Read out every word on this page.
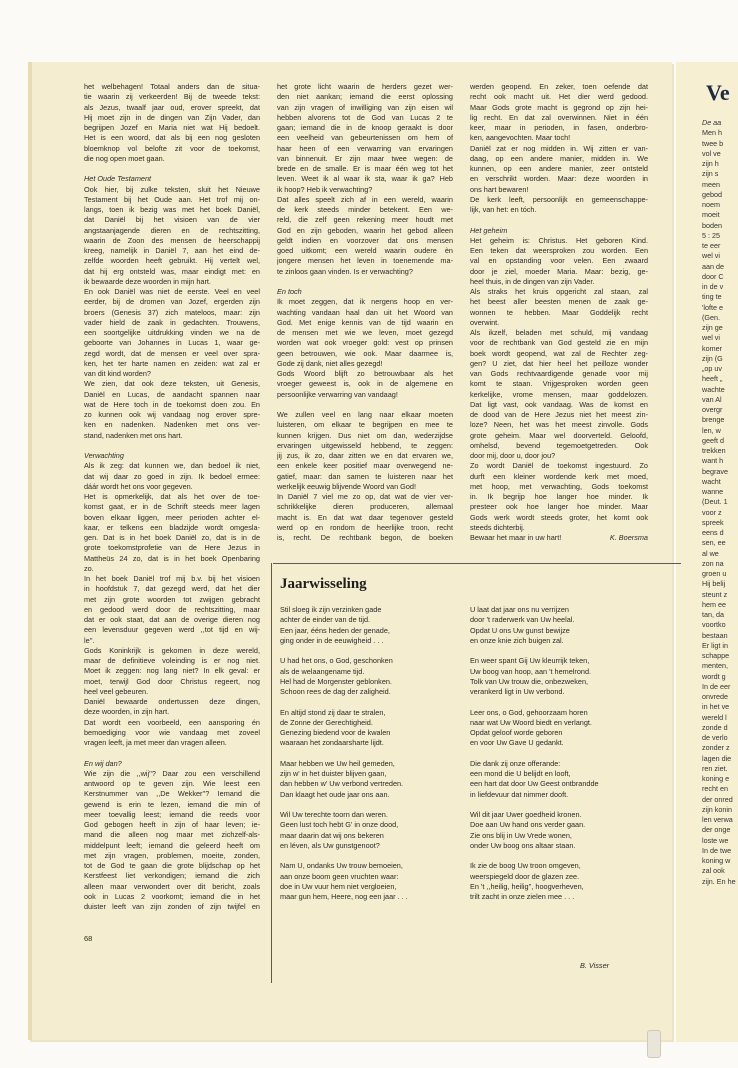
Ve
De aa
Men h
twee b
vol ve
zijn h
zijn s
meen
gebod
noem
moeit
boden
5 : 25
te eer
wel vi
aan de
door C
in de v
ting te
'lofte e
(Gen.
zijn ge
wel vi
komer
zijn (G
„op uv
heeft „
wachte
van Al
overgr
brenge
len, w
geeft d
trekken
want h
begrave
wacht
wanne
(Deut. 1
voor z
spreek
eens d
sen, ee
al we
zon na
groen u
Hij belij
steunt z
hem ee
tan, da
voortko
bestaan
Er ligt in
schappe
menten,
wordt g
In de eer
onvrede
in het ve
wereld l
zonde d
de verlo
zonder z
lagen die
ren ziet.
koning e
recht en
der onred
zijn konin
len verwa
der onge
loste we
In de twe
koning w
zal ook
zijn. En he
het welbehagen! Totaal anders dan de situa-
tie waarin zij verkeerden! Bij de tweede tekst:
als Jezus, twaalf jaar oud, erover spreekt, dat
Hij moet zijn in de dingen van Zijn Vader, dan
begrijpen Jozef en Maria niet wat Hij bedoelt.
Het is een woord, dat als bij een nog gesloten
bloemknop vol belofte zit voor de toekomst,
die nog open moet gaan.
Het Oude Testament
Ook hier, bij zulke teksten, sluit het Nieuwe
Testament bij het Oude aan. Het trof mij on-
langs, toen ik bezig was met het boek Daniël,
dat Daniël bij het visioen van de vier
angstaanjagende dieren en de rechtszitting,
waarin de Zoon des mensen de heerschappij
kreeg, namelijk in Daniël 7, aan het eind de-
zelfde woorden heeft gebruikt. Hij vertelt wel,
dat hij erg ontsteld was, maar eindigt met: en
ik bewaarde deze woorden in mijn hart.
En ook Daniël was niet de eerste. Veel en veel
eerder, bij de dromen van Jozef, ergerden zijn
broers (Genesis 37) zich mateloos, maar: zijn
vader hield de zaak in gedachten. Trouwens,
een soortgelijke uitdrukking vinden we na de
geboorte van Johannes in Lucas 1, waar ge-
zegd wordt, dat de mensen er veel over spra-
ken, het ter harte namen en zeiden: wat zal er
van dit kind worden?
We zien, dat ook deze teksten, uit Genesis,
Daniël en Lucas, de aandacht spannen naar
wat de Here toch in de toekomst doen zou. En
zo kunnen ook wij vandaag nog erover spre-
ken en nadenken. Nadenken met ons ver-
stand, nadenken met ons hart.
Verwachting
Als ik zeg: dat kunnen we, dan bedoel ik niet,
dat wij daar zo goed in zijn. Ik bedoel ermee:
dáár wordt het ons voor gegeven.
Het is opmerkelijk, dat als het over de toe-
komst gaat, er in de Schrift steeds meer lagen
boven elkaar liggen, meer perioden achter el-
kaar, er telkens een bladzijde wordt omgesla-
gen. Dat is in het boek Daniël zo, dat is in de
grote toekomstprofetie van de Here Jezus in
Mattheüs 24 zo, dat is in het boek Openbaring
zo.
In het boek Daniël trof mij b.v. bij het visioen
in hoofdstuk 7, dat gezegd werd, dat het dier
met zijn grote woorden tot zwijgen gebracht
en gedood werd door de rechtszitting, maar
dat er ook staat, dat aan de overige dieren nog
een levensduur gegeven werd ,,tot tijd en wij-
le''.
Gods Koninkrijk is gekomen in deze wereld,
maar de definitieve voleinding is er nog niet.
Moet ik zeggen: nog lang niet? In elk geval: er
moet, terwijl God door Christus regeert, nog
heel veel gebeuren.
Daniël bewaarde ondertussen deze dingen,
deze woorden, in zijn hart.
Dat wordt een voorbeeld, een aansporing én
bemoediging voor wie vandaag met zoveel
vragen leeft, ja met meer dan vragen alleen.
En wij dan?
Wie zijn die ,,wij''? Daar zou een verschillend
antwoord op te geven zijn. Wie leest een
Kerstnummer van ,,De Wekker''? Iemand die
gewend is erin te lezen, iemand die min of
meer toevallig leest; iemand die reeds voor
God gebogen heeft in zijn of haar leven; ie-
mand die alleen nog maar met zichzelf-als-
middelpunt leeft; iemand die geleerd heeft om
met zijn vragen, problemen, moeite, zonden,
tot de God te gaan die grote blijdschap op het
Kerstfeest liet verkondigen; iemand die zich
alleen maar verwondert over dit bericht, zoals
ook in Lucas 2 voorkomt; iemand die in het
duister leeft van zijn zonden of zijn twijfel en
het grote licht waarin de herders gezet wer-
den niet aankan; iemand die eerst oplossing
van zijn vragen of inwilliging van zijn eisen wil
hebben alvorens tot de God van Lucas 2 te
gaan; iemand die in de knoop geraakt is door
een veelheid van gebeurtenissen om hem of
haar heen of een verwarring van ervaringen
van binnenuit. Er zijn maar twee wegen: de
brede en de smalle. Er is maar één weg tot het
leven. Weet ik al waar ik sta, waar ik ga? Heb
ik hoop? Heb ik verwachting?
Dat alles speelt zich af in een wereld, waarin
de kerk steeds minder betekent. Een we-
reld, die zelf geen rekening meer houdt met
God en zijn geboden, waarin het gebod alleen
geldt indien en voorzover dat ons mensen
goed uitkomt; een wereld waarin oudere èn
jongere mensen het leven in toenemende ma-
te zinloos gaan vinden. Is er verwachting?
En toch
Ik moet zeggen, dat ik nergens hoop en ver-
wachting vandaan haal dan uit het Woord van
God. Met enige kennis van de tijd waarin en
de mensen met wie we leven, moet gezegd
worden wat ook vroeger gold: vest op prinsen
geen betrouwen, wie ook. Maar daarmee is,
Gode zij dank, niet alles gezegd!
Gods Woord blijft zo betrouwbaar als het
vroeger geweest is, ook in de algemene en
persoonlijke verwarring van vandaag!
We zullen veel en lang naar elkaar moeten
luisteren, om elkaar te begrijpen en mee te
kunnen krijgen. Dus niet om dan, wederzijdse
ervaringen uitgewisseld hebbend, te zeggen:
jij zus, ik zo, daar zitten we en dat ervaren we,
een enkele keer positief maar overwegend ne-
gatief, maar: dan samen te luisteren naar het
werkelijk eeuwig blijvende Woord van God!
In Daniël 7 viel me zo op, dat wat de vier ver-
schrikkelijke dieren produceren, allemaal
macht is. En dat wat daar tegenover gesteld
werd op en rondom de heerlijke troon, recht
is, recht. De rechtbank begon, de boeken
werden geopend. En zeker, toen oefende dat
recht ook macht uit. Het dier werd gedood.
Maar Gods grote macht is gegrond op zijn hei-
lig recht. En dat zal overwinnen. Niet in één
keer, maar in perioden, in fasen, onderbro-
ken, aangevochten. Maar toch!
Daniël zat er nog midden in. Wij zitten er van-
daag, op een andere manier, midden in. We
kunnen, op een andere manier, zeer ontsteld
en verschrikt worden. Maar: deze woorden in
ons hart bewaren!
De kerk leeft, persoonlijk en gemeenschappe-
lijk, van het: en tóch.
Het geheim
Het geheim is: Christus. Het geboren Kind.
Een teken dat weersproken zou worden. Een
val en opstanding voor velen. Een zwaard
door je ziel, moeder Maria. Maar: bezig, ge-
heel thuis, in de dingen van zijn Vader.
Als straks het kruis opgericht zal staan, zal
het beest aller beesten menen de zaak ge-
wonnen te hebben. Maar Goddelijk recht
overwint.
Als ikzelf, beladen met schuld, mij vandaag
voor de rechtbank van God gesteld zie en mijn
boek wordt geopend, wat zal de Rechter zeg-
gen? U ziet, dat hier heel het peilloze wonder
van Gods rechtvaardigende genade voor mij
komt te staan. Vrijgesproken worden geen
kerkelijke, vrome mensen, maar goddelozen.
Dat ligt vast, ook vandaag. Was de komst en
de dood van de Here Jezus niet het meest zin-
loze? Neen, het was het meest zinvolle. Gods
grote geheim. Maar wel doorverteld. Geloofd,
omhelsd, bevend tegemoetgetreden. Ook
door mij, door u, door jou?
Zo wordt Daniël de toekomst ingestuurd. Zo
durft een kleiner wordende kerk met moed,
met hoop, met verwachting, Gods toekomst
in. Ik begrijp hoe langer hoe minder. Ik
presteer ook hoe langer hoe minder. Maar
Gods werk wordt steeds groter, het komt ook
steeds dichterbij.
Bewaar het maar in uw hart!	K. Boersma
Jaarwisseling
Stil sloeg ik zijn verzinken gade
achter de einder van de tijd.
Een jaar, ééns heden der genade,
ging onder in de eeuwigheid . . .
U had het ons, o God, geschonken
als de welaangename tijd.
Hel had de Morgenster geblonken.
Schoon rees de dag der zaligheid.
En altijd stond zij daar te stralen,
de Zonne der Gerechtigheid.
Genezing biedend voor de kwalen
waaraan het zondaarsharte lijdt.
Maar hebben we Uw heil gemeden,
zijn w' in het duister blijven gaan,
dan hebben w' Uw verbond vertreden.
Dan klaagt het oude jaar ons aan.
Wil Uw terechte toorn dan weren.
Geen lust toch hebt G' in onze dood,
maar daarin dat wij ons bekeren
en léven, als Uw gunstgenoot?
Nam U, ondanks Uw trouw bemoeien,
aan onze boom geen vruchten waar:
doe in Uw vuur hem niet vergloeien,
maar gun hem, Heere, nog een jaar . . .
U laat dat jaar ons nu verrijzen
door 't raderwerk van Uw heelal.
Opdat U ons Uw gunst bewijze
en onze knie zich buigen zal.
En weer spant Gij Uw kleurrijk teken,
Uw boog van hoop, aan 't hemelrond.
Tolk van Uw trouw die, onbezweken,
verankerd ligt in Uw verbond.
Leer ons, o God, gehoorzaam horen
naar wat Uw Woord biedt en verlangt.
Opdat geloof worde geboren
en voor Uw Gave U gedankt.
Die dank zij onze offerande:
een mond die U belijdt en looft,
een hart dat door Uw Geest ontbrandde
in liefdevuur dat nimmer dooft.
Wil dit jaar Uwer goedheid kronen.
Doe aan Uw hand ons verder gaan.
Zie ons blij in Uw Vrede wonen,
onder Uw boog ons altaar staan.
Ik zie de boog Uw troon omgeven,
weerspiegeld door de glazen zee.
En 't ,,heilig, heilig'', hoogverheven,
trilt zacht in onze zielen mee . . .
B. Visser
68
